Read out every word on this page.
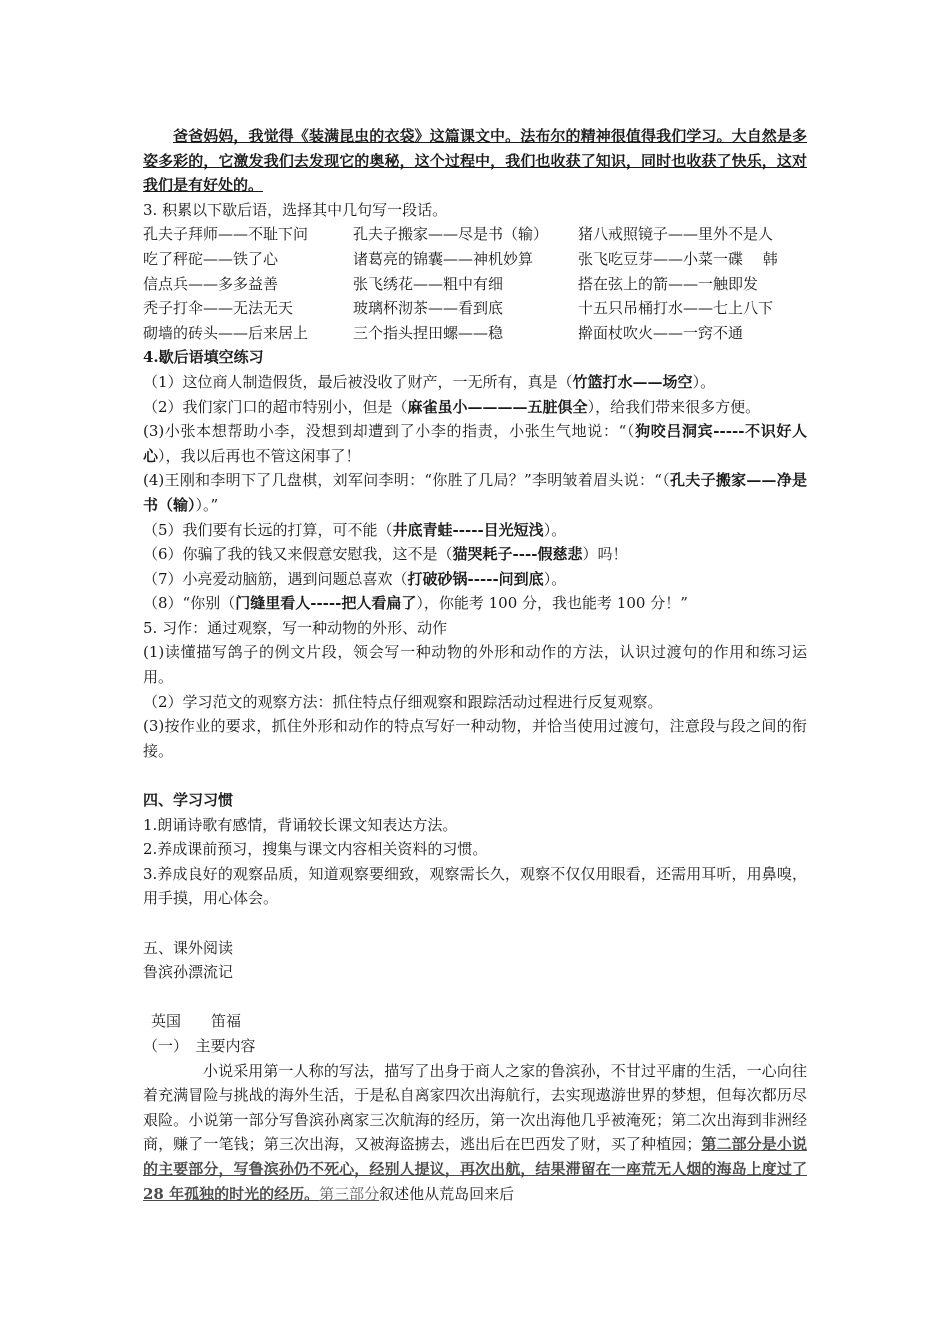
爸爸妈妈，我觉得《装满昆虫的衣袋》这篇课文中。法布尔的精神很值得我们学习。大自然是多姿多彩的，它激发我们去发现它的奥秘，这个过程中，我们也收获了知识，同时也收获了快乐，这对我们是有好处的。

3. 积累以下歇后语，选择其中几句写一段话。

孔夫子拜师——不耻下问	孔夫子搬家——尽是书（输）	猪八戒照镜子——里外不是人
吃了秤砣——铁了心	诸葛亮的锦囊——神机妙算	张飞吃豆芽——小菜一碟　 韩
信点兵——多多益善	张飞绣花——粗中有细	搭在弦上的箭——一触即发
秃子打伞——无法无天	玻璃杯沏茶——看到底	十五只吊桶打水——七上八下
砌墙的砖头——后来居上	三个指头捏田螺——稳	擀面杖吹火——一窍不通

4.歇后语填空练习

（1）这位商人制造假货，最后被没收了财产，一无所有，真是（竹篮打水——场空）。

（2）我们家门口的超市特别小，但是（麻雀虽小————五脏俱全），给我们带来很多方便。

(3)小张本想帮助小李，没想到却遭到了小李的指责，小张生气地说：“（狗咬吕洞宾-----不识好人心），我以后再也不管这闲事了！

(4)王刚和李明下了几盘棋，刘军问李明：“你胜了几局？”李明皱着眉头说：“（孔夫子搬家——净是书（输））。”

（5）我们要有长远的打算，可不能（井底青蛙-----目光短浅）。

（6）你骗了我的钱又来假意安慰我，这不是（猫哭耗子----假慈悲）吗！

（7）小亮爱动脑筋，遇到问题总喜欢（打破砂锅-----问到底）。

（8）“你别（门缝里看人-----把人看扁了），你能考 100 分，我也能考 100 分！”

5. 习作：通过观察，写一种动物的外形、动作

(1)读懂描写鸽子的例文片段，领会写一种动物的外形和动作的方法，认识过渡句的作用和练习运用。

（2）学习范文的观察方法：抓住特点仔细观察和跟踪活动过程进行反复观察。

(3)按作业的要求，抓住外形和动作的特点写好一种动物，并恰当使用过渡句，注意段与段之间的衔接。

四、学习习惯

1.朗诵诗歌有感情，背诵较长课文知表达方法。

2.养成课前预习，搜集与课文内容相关资料的习惯。

3.养成良好的观察品质，知道观察要细致，观察需长久，观察不仅仅用眼看，还需用耳听，用鼻嗅，用手摸，用心体会。

五、课外阅读

鲁滨孙漂流记

英国　　笛福

（一）　主要内容

小说采用第一人称的写法，描写了出身于商人之家的鲁滨孙，不甘过平庸的生活，一心向往着充满冒险与挑战的海外生活，于是私自离家四次出海航行，去实现遨游世界的梦想，但每次都历尽艰险。小说第一部分写鲁滨孙离家三次航海的经历，第一次出海他几乎被淹死；第二次出海到非洲经商，赚了一笔钱；第三次出海，又被海盗掳去，逃出后在巴西发了财，买了种植园；第二部分是小说的主要部分，写鲁滨孙仍不死心，经别人提议，再次出航，结果滞留在一座荒无人烟的海岛上度过了 28 年孤独的时光的经历。第三部分叙述他从荒岛回来后
